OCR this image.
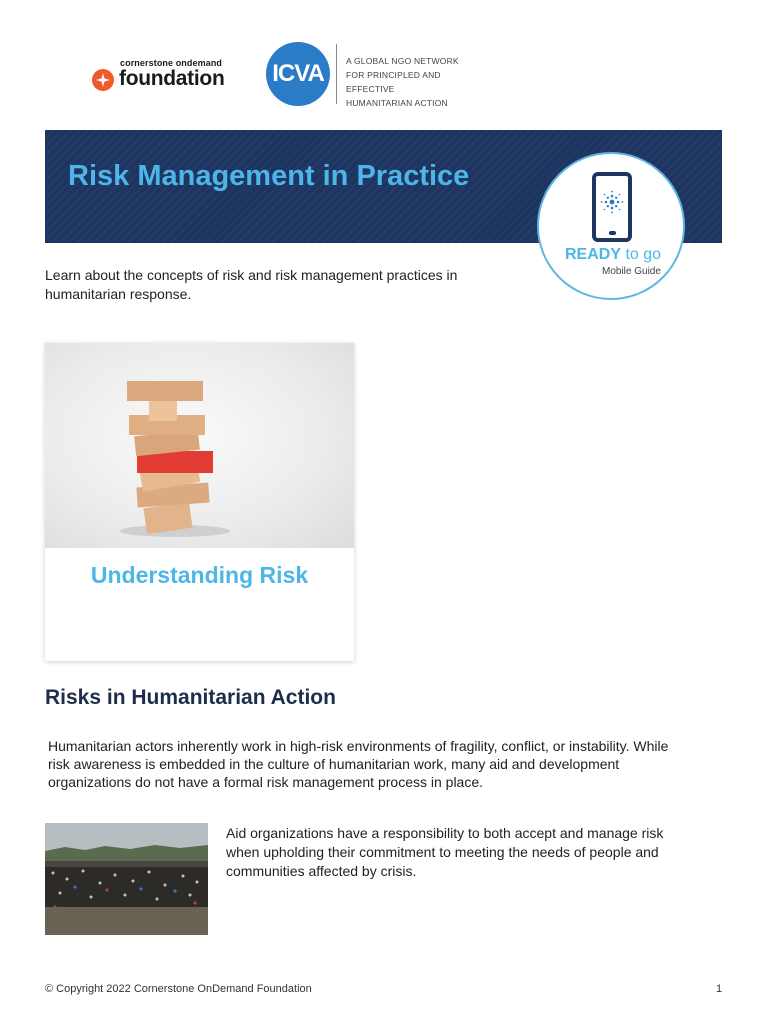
cornerstone ondemand
foundation ICVA	A GLOBAL NGO NETWORK
FOR PRINCIPLED AND EFFECTIVE
HUMANITARIAN ACTION
Risk Management in Practice
READY to go
Mobile Guide

Learn about the concepts of risk and risk management practices in humanitarian response.

Understanding Risk
Risks in Humanitarian Action

Humanitarian actors inherently work in high-risk environments of fragility, conflict, or instability. While risk awareness is embedded in the culture of humanitarian work, many aid and development organizations do not have a formal risk management process in place.

Aid organizations have a responsibility to both accept and manage risk when upholding their commitment to meeting the needs of people and communities affected by crisis.

© Copyright 2022 Cornerstone OnDemand Foundation	1
